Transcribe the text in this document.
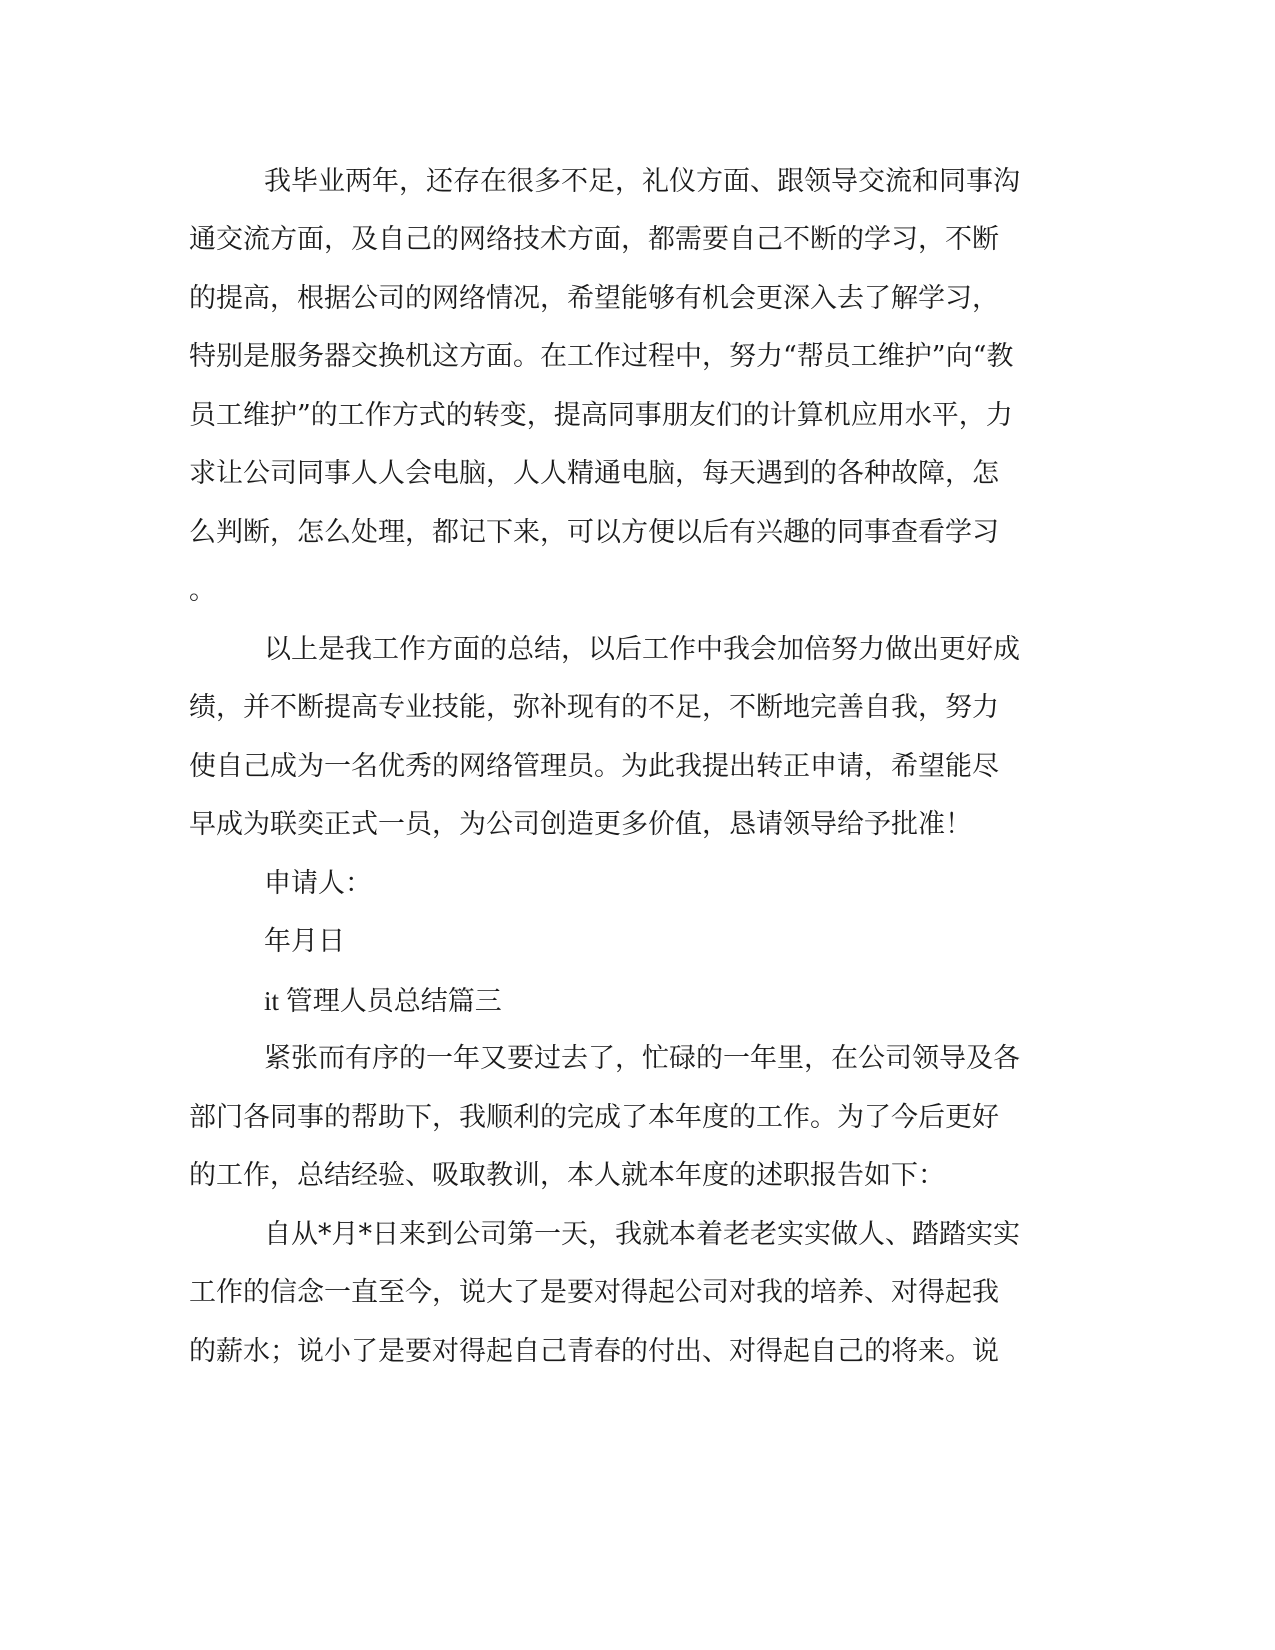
我毕业两年，还存在很多不足，礼仪方面、跟领导交流和同事沟
通交流方面，及自己的网络技术方面，都需要自己不断的学习，不断
的提高，根据公司的网络情况，希望能够有机会更深入去了解学习，
特别是服务器交换机这方面。在工作过程中，努力“帮员工维护”向“教
员工维护”的工作方式的转变，提高同事朋友们的计算机应用水平，力
求让公司同事人人会电脑，人人精通电脑，每天遇到的各种故障，怎
么判断，怎么处理，都记下来，可以方便以后有兴趣的同事查看学习
。
以上是我工作方面的总结，以后工作中我会加倍努力做出更好成
绩，并不断提高专业技能，弥补现有的不足，不断地完善自我，努力
使自己成为一名优秀的网络管理员。为此我提出转正申请，希望能尽
早成为联奕正式一员，为公司创造更多价值，恳请领导给予批准！
申请人：
年月日
it 管理人员总结篇三
紧张而有序的一年又要过去了，忙碌的一年里，在公司领导及各
部门各同事的帮助下，我顺利的完成了本年度的工作。为了今后更好
的工作，总结经验、吸取教训，本人就本年度的述职报告如下：
自从*月*日来到公司第一天，我就本着老老实实做人、踏踏实实
工作的信念一直至今，说大了是要对得起公司对我的培养、对得起我
的薪水；说小了是要对得起自己青春的付出、对得起自己的将来。说
